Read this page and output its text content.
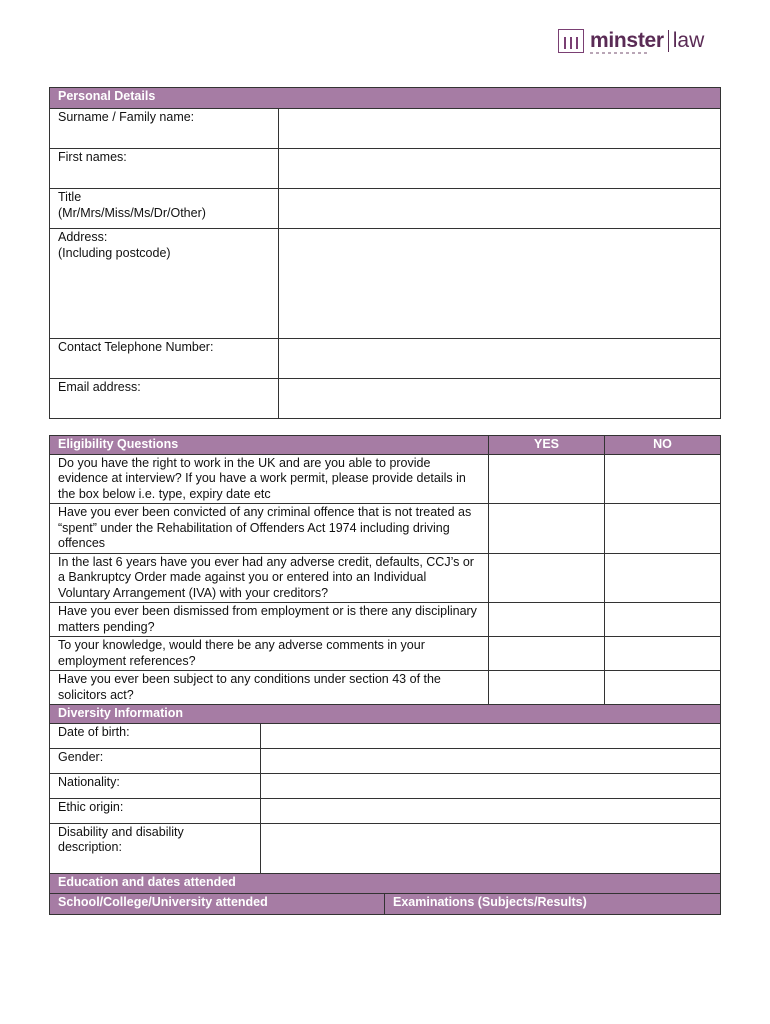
minster law
Personal Details	
Surname / Family name:	
First names:	
Title
(Mr/Mrs/Miss/Ms/Dr/Other)	
Address:
(Including postcode)	
Contact Telephone Number:	
Email address:	
Eligibility Questions		YES	NO
Do you have the right to work in the UK and are you able to provide evidence at interview? If you have a work permit, please provide details in the box below i.e. type, expiry date etc			
Have you ever been convicted of any criminal offence that is not treated as “spent” under the Rehabilitation of Offenders Act 1974 including driving offences			
In the last 6 years have you ever had any adverse credit, defaults, CCJ’s or a Bankruptcy Order made against you or entered into an Individual Voluntary Arrangement (IVA) with your creditors?			
Have you ever been dismissed from employment or is there any disciplinary matters pending?			
To your knowledge, would there be any adverse comments in your employment references?			
Have you ever been subject to any conditions under section 43 of the solicitors act?			
Diversity Information			
Date of birth:			
Gender:			
Nationality:			
Ethic origin:			
Disability and disability
description:			
Education and dates attended
School/College/University attended	Examinations (Subjects/Results)
